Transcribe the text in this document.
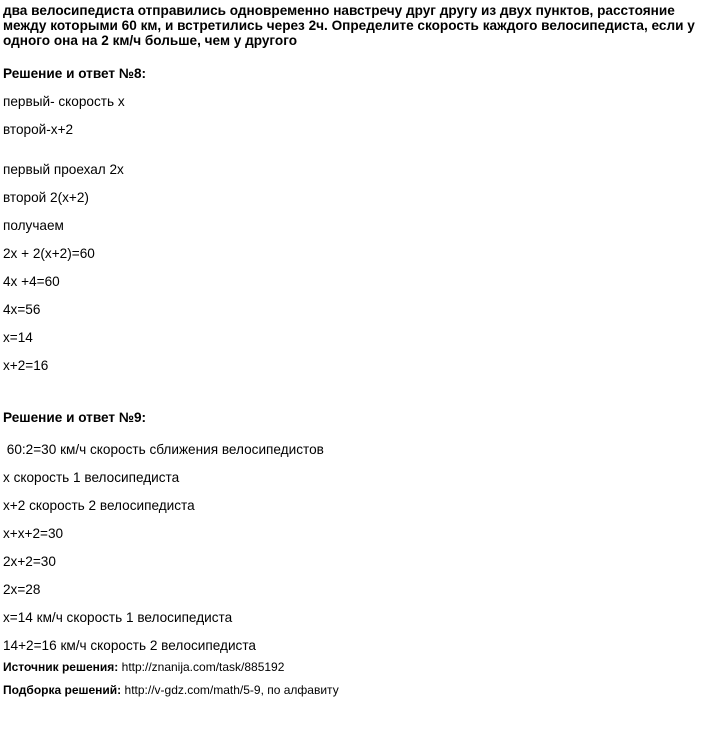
два велосипедиста отправились одновременно навстречу друг другу из двух пунктов, расстояние между которыми 60 км, и встретились через 2ч. Определите скорость каждого велосипедиста, если у одного она на 2 км/ч больше, чем у другого

Решение и ответ №8:

первый- скорость х

второй-х+2

первый проехал 2х

второй 2(х+2)

получаем

2х + 2(х+2)=60

4х +4=60

4х=56

х=14

х+2=16

Решение и ответ №9:

60:2=30 км/ч скорость сближения велосипедистов

х скорость 1 велосипедиста

х+2 скорость 2 велосипедиста

х+х+2=30

2х+2=30

2х=28

х=14 км/ч скорость 1 велосипедиста

14+2=16 км/ч скорость 2 велосипедиста

Источник решения: http://znanija.com/task/885192

Подборка решений: http://v-gdz.com/math/5-9, по алфавиту
